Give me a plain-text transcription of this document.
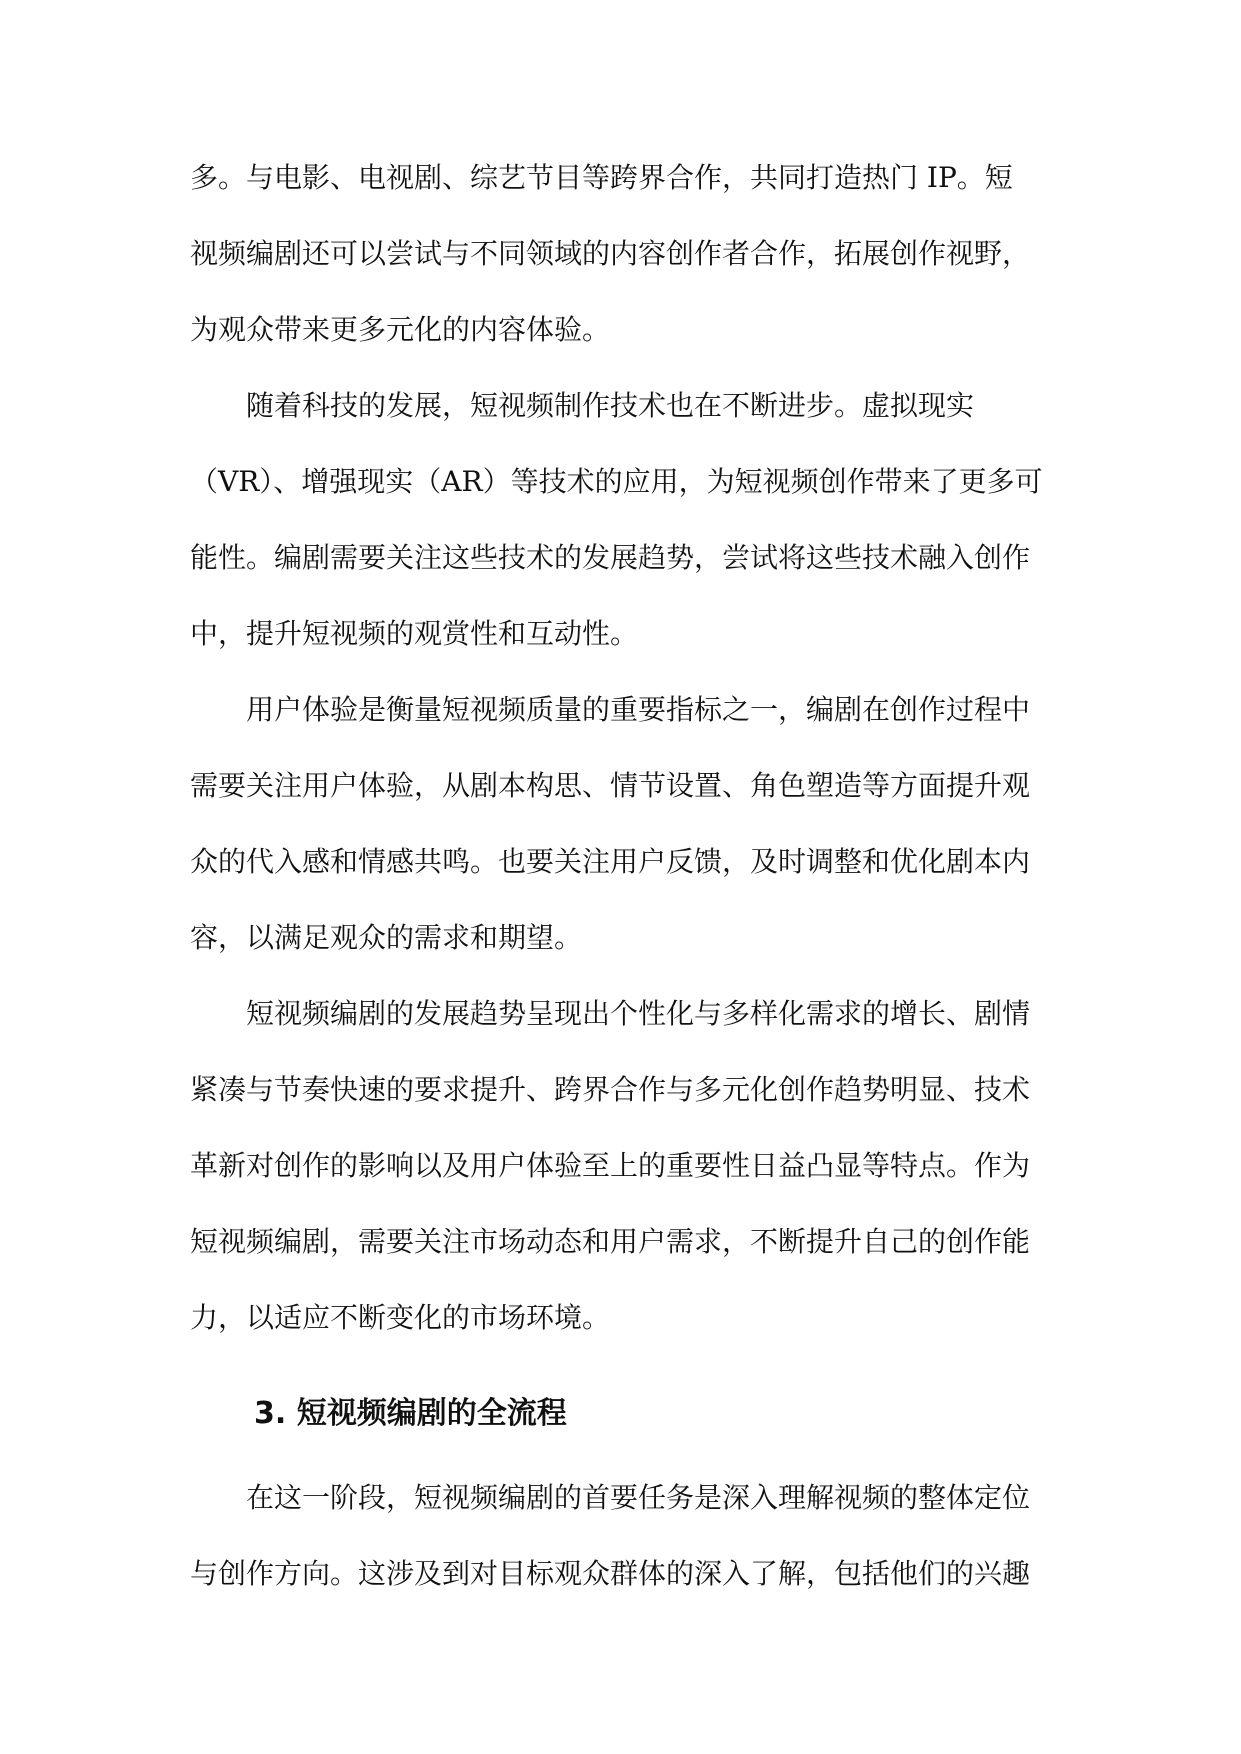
多。与电影、电视剧、综艺节目等跨界合作，共同打造热门 IP。短
视频编剧还可以尝试与不同领域的内容创作者合作，拓展创作视野，
为观众带来更多元化的内容体验。
随着科技的发展，短视频制作技术也在不断进步。虚拟现实
（VR）、增强现实（AR）等技术的应用，为短视频创作带来了更多可
能性。编剧需要关注这些技术的发展趋势，尝试将这些技术融入创作
中，提升短视频的观赏性和互动性。
用户体验是衡量短视频质量的重要指标之一，编剧在创作过程中
需要关注用户体验，从剧本构思、情节设置、角色塑造等方面提升观
众的代入感和情感共鸣。也要关注用户反馈，及时调整和优化剧本内
容，以满足观众的需求和期望。
短视频编剧的发展趋势呈现出个性化与多样化需求的增长、剧情
紧凑与节奏快速的要求提升、跨界合作与多元化创作趋势明显、技术
革新对创作的影响以及用户体验至上的重要性日益凸显等特点。作为
短视频编剧，需要关注市场动态和用户需求，不断提升自己的创作能
力，以适应不断变化的市场环境。
3. 短视频编剧的全流程
在这一阶段，短视频编剧的首要任务是深入理解视频的整体定位
与创作方向。这涉及到对目标观众群体的深入了解，包括他们的兴趣
